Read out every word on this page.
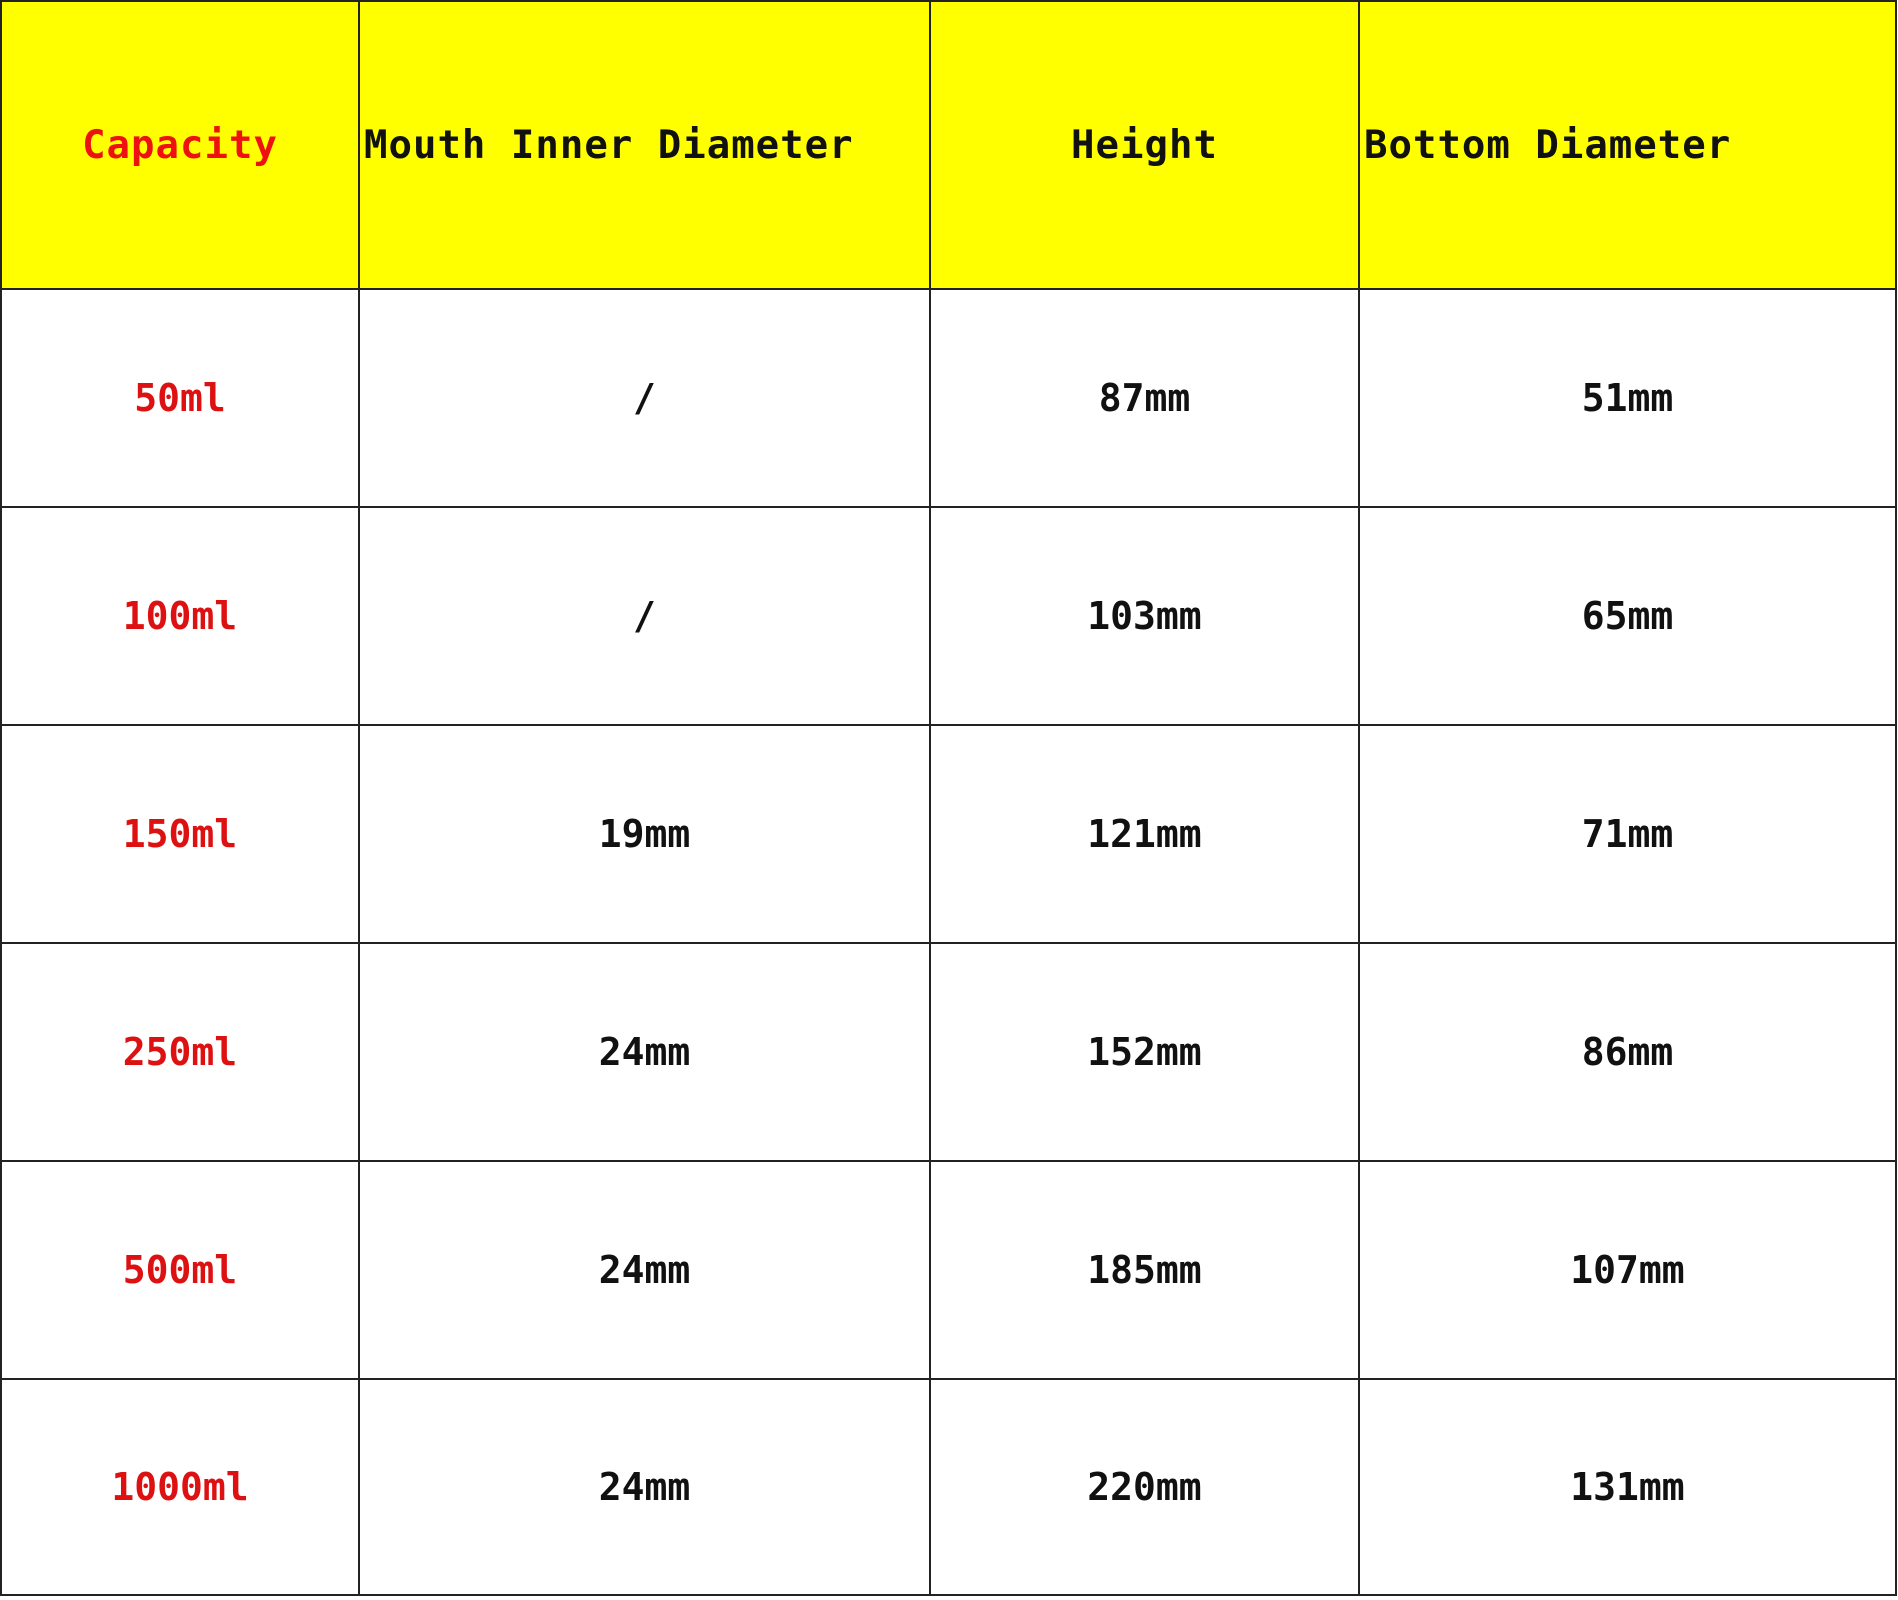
Capacity	Mouth Inner Diameter	Height	Bottom Diameter
50ml	/	87mm	51mm
100ml	/	103mm	65mm
150ml	19mm	121mm	71mm
250ml	24mm	152mm	86mm
500ml	24mm	185mm	107mm
1000ml	24mm	220mm	131mm
